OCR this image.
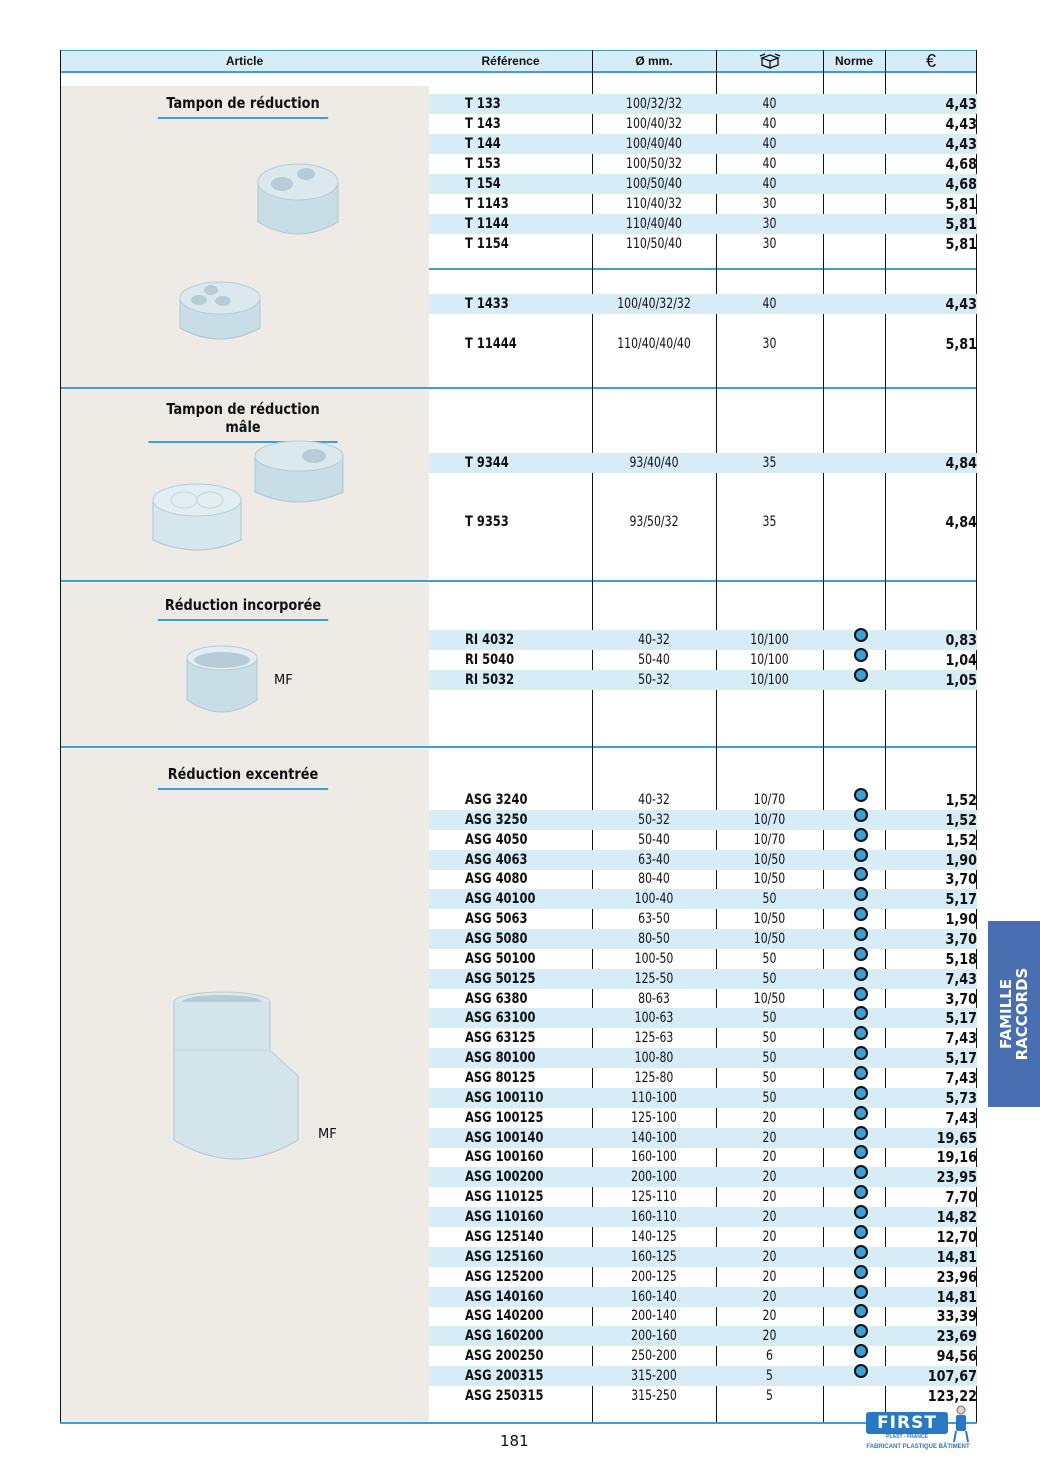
Article	Référence	Ø mm.	Norme	€
Tampon de réduction
Tampon de réduction mâle
Réduction incorporée
Réduction excentrée
MF
MF
T 133	100/32/32	40	4,43
T 143	100/40/32	40	4,43
T 144	100/40/40	40	4,43
T 153	100/50/32	40	4,68
T 154	100/50/40	40	4,68
T 1143	110/40/32	30	5,81
T 1144	110/40/40	30	5,81
T 1154	110/50/40	30	5,81
T 1433	100/40/32/32	40	4,43
T 11444	110/40/40/40	30	5,81
T 9344	93/40/40	35	4,84
T 9353	93/50/32	35	4,84
RI 4032	40-32	10/100	0,83
RI 5040	50-40	10/100	1,04
RI 5032	50-32	10/100	1,05
ASG 3240	40-32	10/70	1,52
ASG 3250	50-32	10/70	1,52
ASG 4050	50-40	10/70	1,52
ASG 4063	63-40	10/50	1,90
ASG 4080	80-40	10/50	3,70
ASG 40100	100-40	50	5,17
ASG 5063	63-50	10/50	1,90
ASG 5080	80-50	10/50	3,70
ASG 50100	100-50	50	5,18
ASG 50125	125-50	50	7,43
ASG 6380	80-63	10/50	3,70
ASG 63100	100-63	50	5,17
ASG 63125	125-63	50	7,43
ASG 80100	100-80	50	5,17
ASG 80125	125-80	50	7,43
ASG 100110	110-100	50	5,73
ASG 100125	125-100	20	7,43
ASG 100140	140-100	20	19,65
ASG 100160	160-100	20	19,16
ASG 100200	200-100	20	23,95
ASG 110125	125-110	20	7,70
ASG 110160	160-110	20	14,82
ASG 125140	140-125	20	12,70
ASG 125160	160-125	20	14,81
ASG 125200	200-125	20	23,96
ASG 140160	160-140	20	14,81
ASG 140200	200-140	20	33,39
ASG 160200	200-160	20	23,69
ASG 200250	250-200	6	94,56
ASG 200315	315-200	5	107,67
ASG 250315	315-250	5	123,22
FAMILLE
RACCORDS
181
FIRST
PLAST - FRANCE
FABRICANT PLASTIQUE BÂTIMENT
